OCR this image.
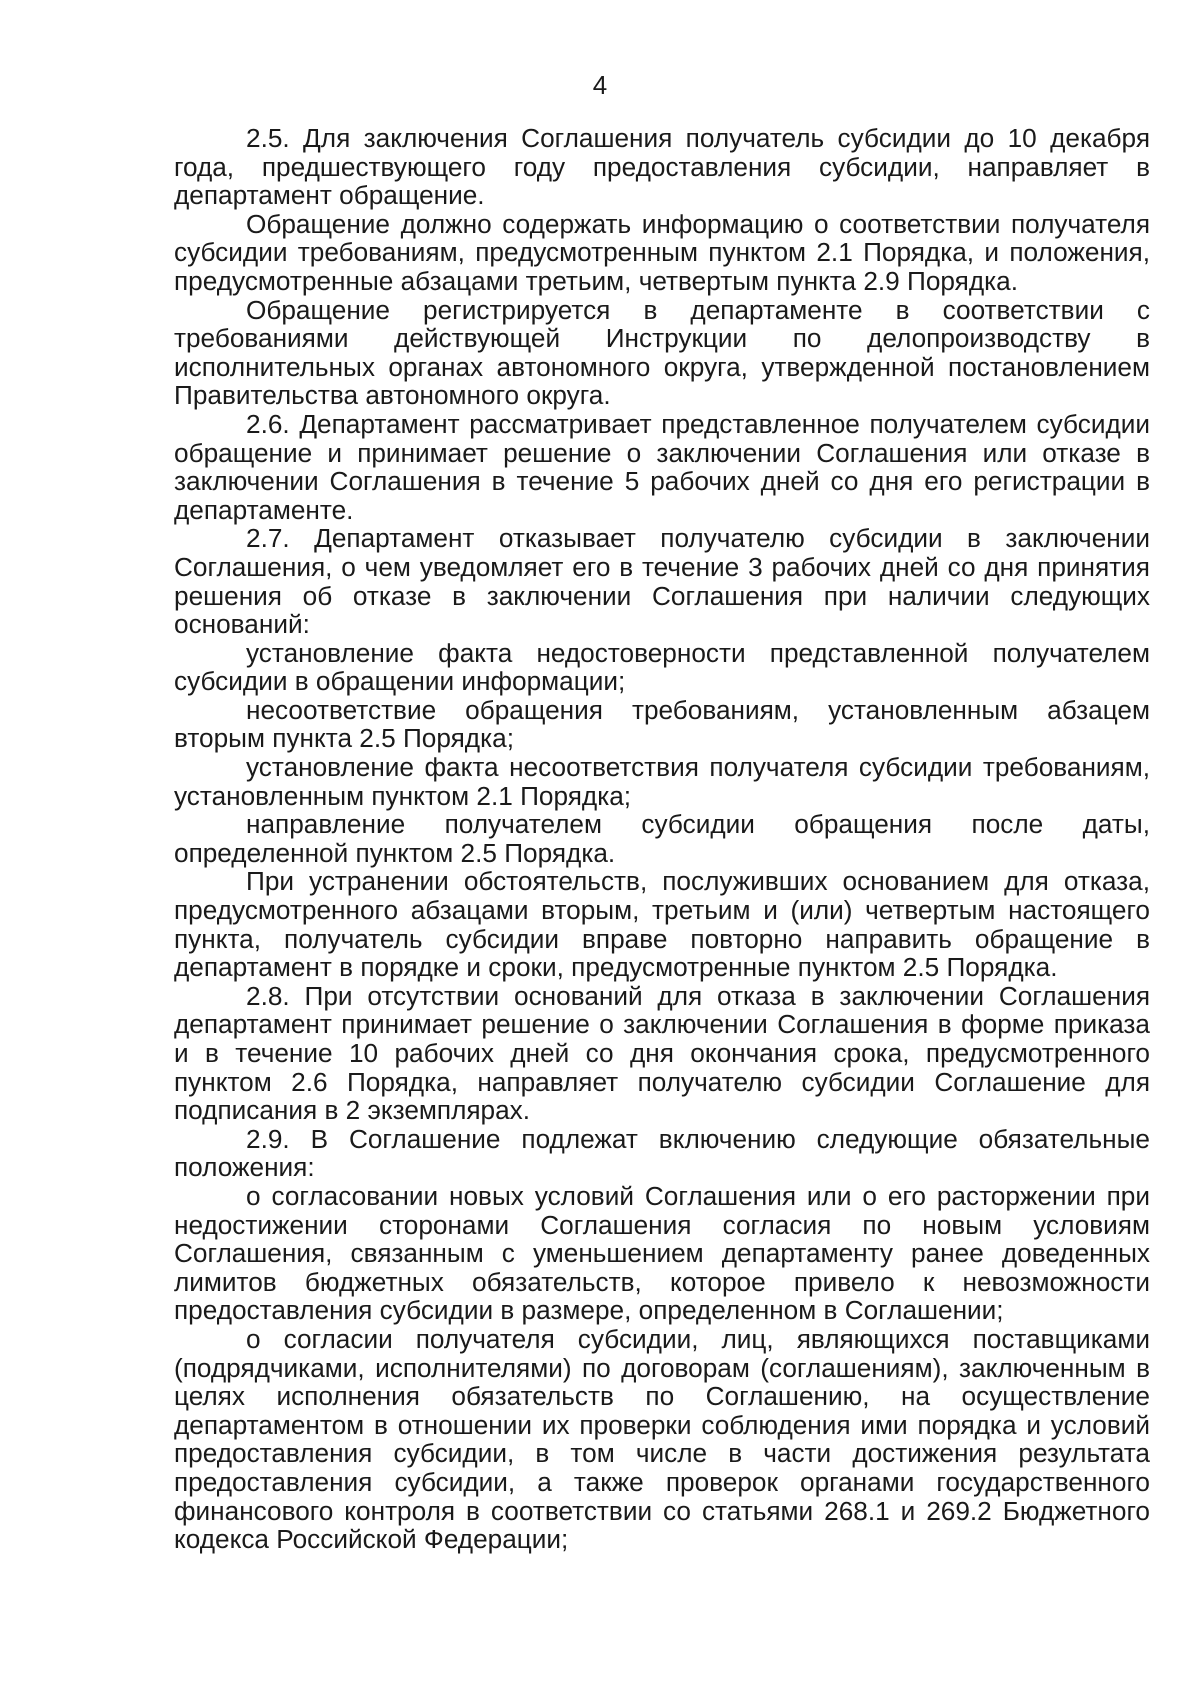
4

2.5. Для заключения Соглашения получатель субсидии до 10 декабря года, предшествующего году предоставления субсидии, направляет в департамент обращение.

Обращение должно содержать информацию о соответствии получателя субсидии требованиям, предусмотренным пунктом 2.1 Порядка, и положения, предусмотренные абзацами третьим, четвертым пункта 2.9 Порядка.

Обращение регистрируется в департаменте в соответствии с требованиями действующей Инструкции по делопроизводству в исполнительных органах автономного округа, утвержденной постановлением Правительства автономного округа.

2.6. Департамент рассматривает представленное получателем субсидии обращение и принимает решение о заключении Соглашения или отказе в заключении Соглашения в течение 5 рабочих дней со дня его регистрации в департаменте.

2.7. Департамент отказывает получателю субсидии в заключении Соглашения, о чем уведомляет его в течение 3 рабочих дней со дня принятия решения об отказе в заключении Соглашения при наличии следующих оснований:

установление факта недостоверности представленной получателем субсидии в обращении информации;

несоответствие обращения требованиям, установленным абзацем вторым пункта 2.5 Порядка;

установление факта несоответствия получателя субсидии требованиям, установленным пунктом 2.1 Порядка;

направление получателем субсидии обращения после даты, определенной пунктом 2.5 Порядка.

При устранении обстоятельств, послуживших основанием для отказа, предусмотренного абзацами вторым, третьим и (или) четвертым настоящего пункта, получатель субсидии вправе повторно направить обращение в департамент в порядке и сроки, предусмотренные пунктом 2.5 Порядка.

2.8. При отсутствии оснований для отказа в заключении Соглашения департамент принимает решение о заключении Соглашения в форме приказа и в течение 10 рабочих дней со дня окончания срока, предусмотренного пунктом 2.6 Порядка, направляет получателю субсидии Соглашение для подписания в 2 экземплярах.

2.9. В Соглашение подлежат включению следующие обязательные положения:

о согласовании новых условий Соглашения или о его расторжении при недостижении сторонами Соглашения согласия по новым условиям Соглашения, связанным с уменьшением департаменту ранее доведенных лимитов бюджетных обязательств, которое привело к невозможности предоставления субсидии в размере, определенном в Соглашении;

о согласии получателя субсидии, лиц, являющихся поставщиками (подрядчиками, исполнителями) по договорам (соглашениям), заключенным в целях исполнения обязательств по Соглашению, на осуществление департаментом в отношении их проверки соблюдения ими порядка и условий предоставления субсидии, в том числе в части достижения результата предоставления субсидии, а также проверок органами государственного финансового контроля в соответствии со статьями 268.1 и 269.2 Бюджетного кодекса Российской Федерации;
